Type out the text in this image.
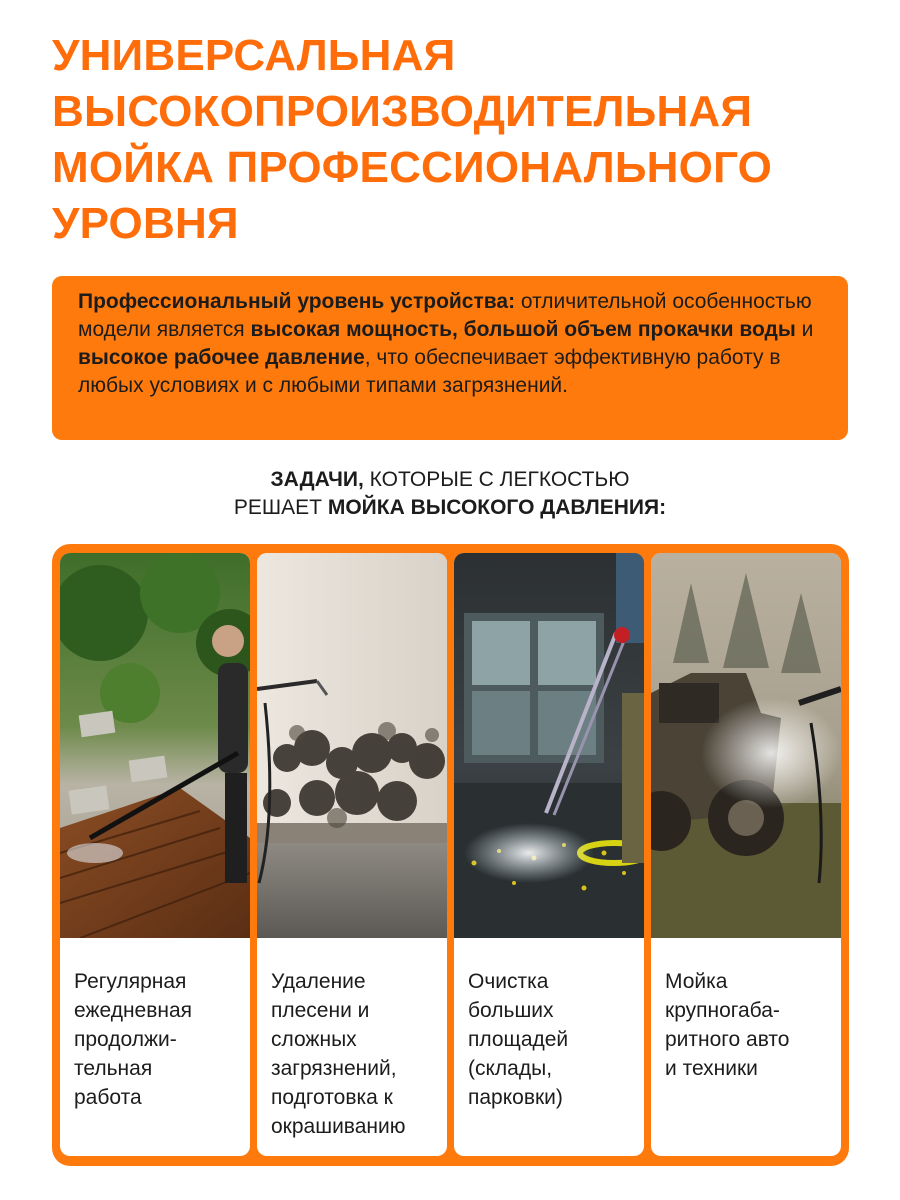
УНИВЕРСАЛЬНАЯ
ВЫСОКОПРОИЗВОДИТЕЛЬНАЯ
МОЙКА ПРОФЕССИОНАЛЬНОГО
УРОВНЯ
Профессиональный уровень устройства: отличительной особенностью модели является высокая мощность, большой объем прокачки воды и высокое рабочее давление, что обеспечивает эффективную работу в любых условиях и с любыми типами загрязнений.
ЗАДАЧИ, КОТОРЫЕ С ЛЕГКОСТЬЮ
РЕШАЕТ МОЙКА ВЫСОКОГО ДАВЛЕНИЯ:

Регулярная
ежедневная
продолжи-
тельная
работа

Удаление
плесени и
сложных
загрязнений,
подготовка к
окрашиванию

Очистка
больших
площадей
(склады,
парковки)

Мойка
крупногаба-
ритного авто
и техники
